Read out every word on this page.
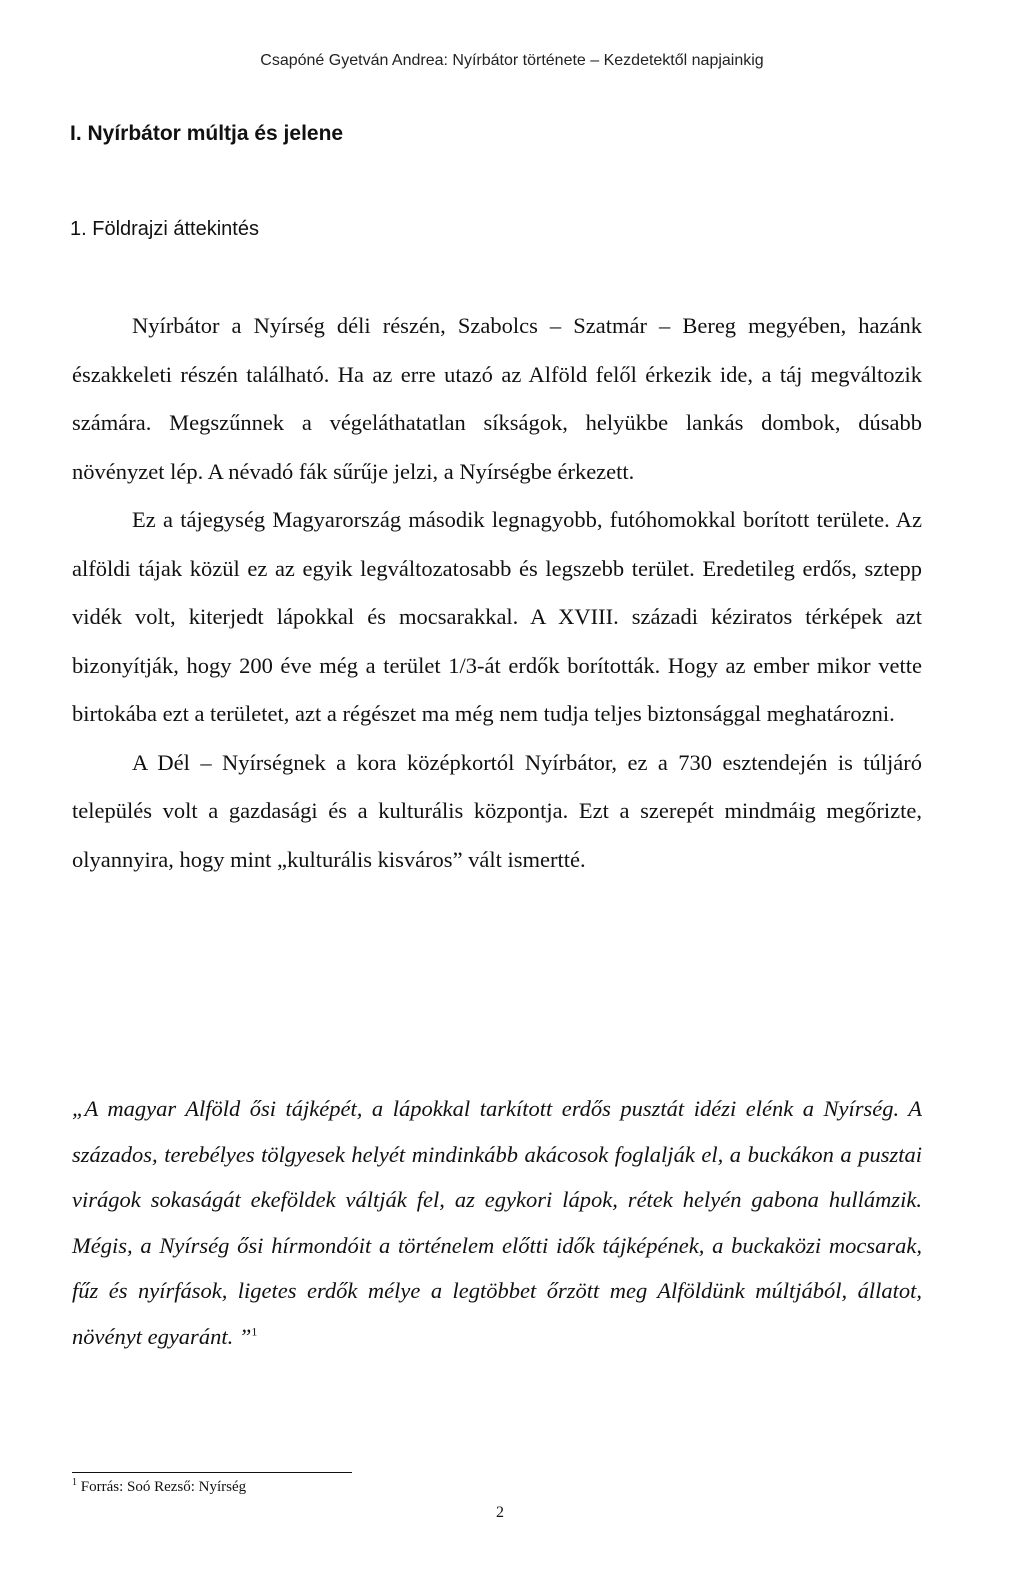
Csapóné Gyetván Andrea: Nyírbátor története – Kezdetektől napjainkig
I. Nyírbátor múltja és jelene
1. Földrajzi áttekintés

Nyírbátor a Nyírség déli részén, Szabolcs – Szatmár – Bereg megyében, hazánk északkeleti részén található. Ha az erre utazó az Alföld felől érkezik ide, a táj megváltozik számára. Megszűnnek a végeláthatatlan síkságok, helyükbe lankás dombok, dúsabb növényzet lép. A névadó fák sűrűje jelzi, a Nyírségbe érkezett.

Ez a tájegység Magyarország második legnagyobb, futóhomokkal borított területe. Az alföldi tájak közül ez az egyik legváltozatosabb és legszebb terület. Eredetileg erdős, sztepp vidék volt, kiterjedt lápokkal és mocsarakkal. A XVIII. századi kéziratos térképek azt bizonyítják, hogy 200 éve még a terület 1/3-át erdők borították. Hogy az ember mikor vette birtokába ezt a területet, azt a régészet ma még nem tudja teljes biztonsággal meghatározni.

A Dél – Nyírségnek a kora középkortól Nyírbátor, ez a 730 esztendején is túljáró település volt a gazdasági és a kulturális központja. Ezt a szerepét mindmáig megőrizte, olyannyira, hogy mint „kulturális kisváros” vált ismertté.

„A magyar Alföld ősi tájképét, a lápokkal tarkított erdős pusztát idézi elénk a Nyírség. A százados, terebélyes tölgyesek helyét mindinkább akácosok foglalják el, a buckákon a pusztai virágok sokaságát ekeföldek váltják fel, az egykori lápok, rétek helyén gabona hullámzik. Mégis, a Nyírség ősi hírmondóit a történelem előtti idők tájképének, a buckaközi mocsarak, fűz és nyírfások, ligetes erdők mélye a legtöbbet őrzött meg Alföldünk múltjából, állatot, növényt egyaránt. ”$^1$

$^1$ Forrás: Soó Rezső: Nyírség
2
